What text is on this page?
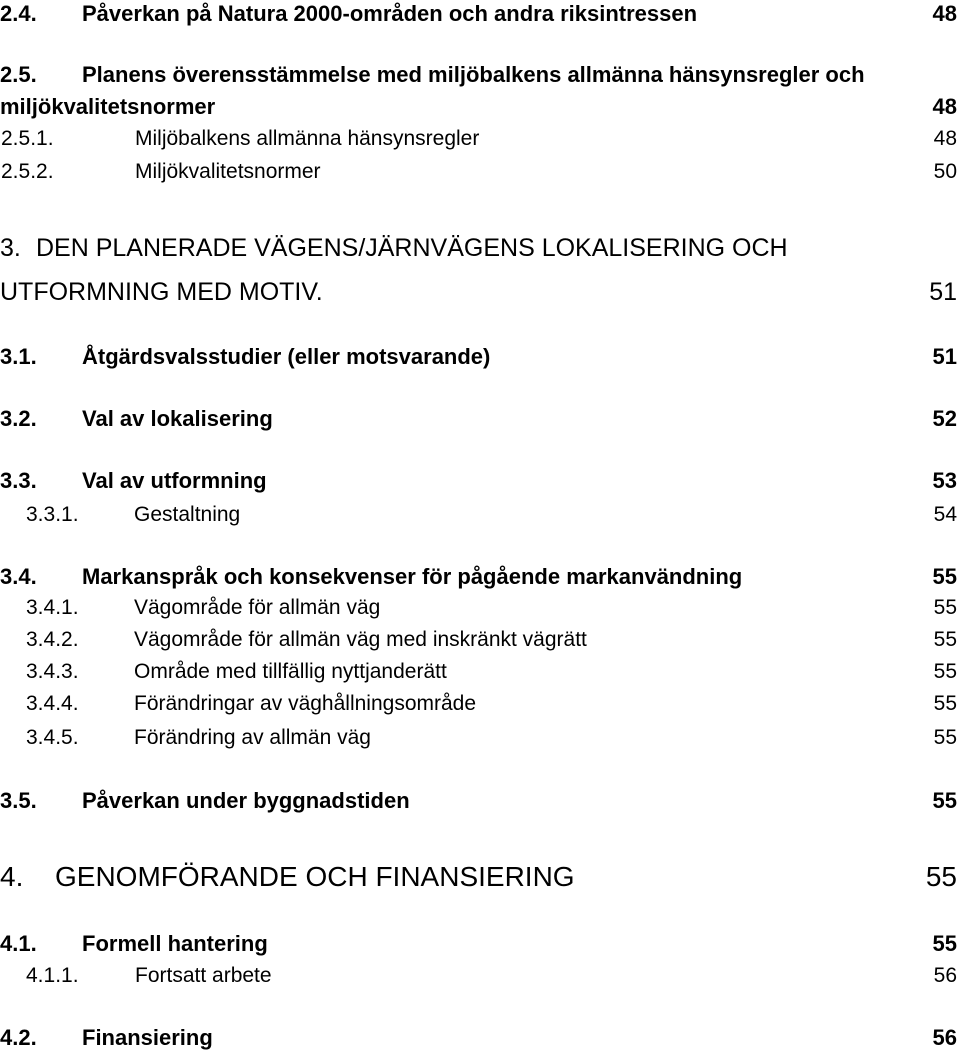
2.4. Påverkan på Natura 2000-områden och andra riksintressen	48
2.5. Planens överensstämmelse med miljöbalkens allmänna hänsynsregler och
miljökvalitetsnormer	48
2.5.1.	Miljöbalkens allmänna hänsynsregler	48
2.5.2.	Miljökvalitetsnormer	50
3. DEN PLANERADE VÄGENS/JÄRNVÄGENS LOKALISERING OCH
UTFORMNING MED MOTIV.	51
3.1. Åtgärdsvalsstudier (eller motsvarande)	51
3.2. Val av lokalisering	52
3.3. Val av utformning	53
3.3.1.	Gestaltning	54
3.4. Markanspråk och konsekvenser för pågående markanvändning	55
3.4.1.	Vägområde för allmän väg	55
3.4.2.	Vägområde för allmän väg med inskränkt vägrätt	55
3.4.3.	Område med tillfällig nyttjanderätt	55
3.4.4.	Förändringar av väghållningsområde	55
3.4.5.	Förändring av allmän väg	55
3.5. Påverkan under byggnadstiden	55
4. GENOMFÖRANDE OCH FINANSIERING	55
4.1. Formell hantering	55
4.1.1.	Fortsatt arbete	56
4.2. Finansiering	56
